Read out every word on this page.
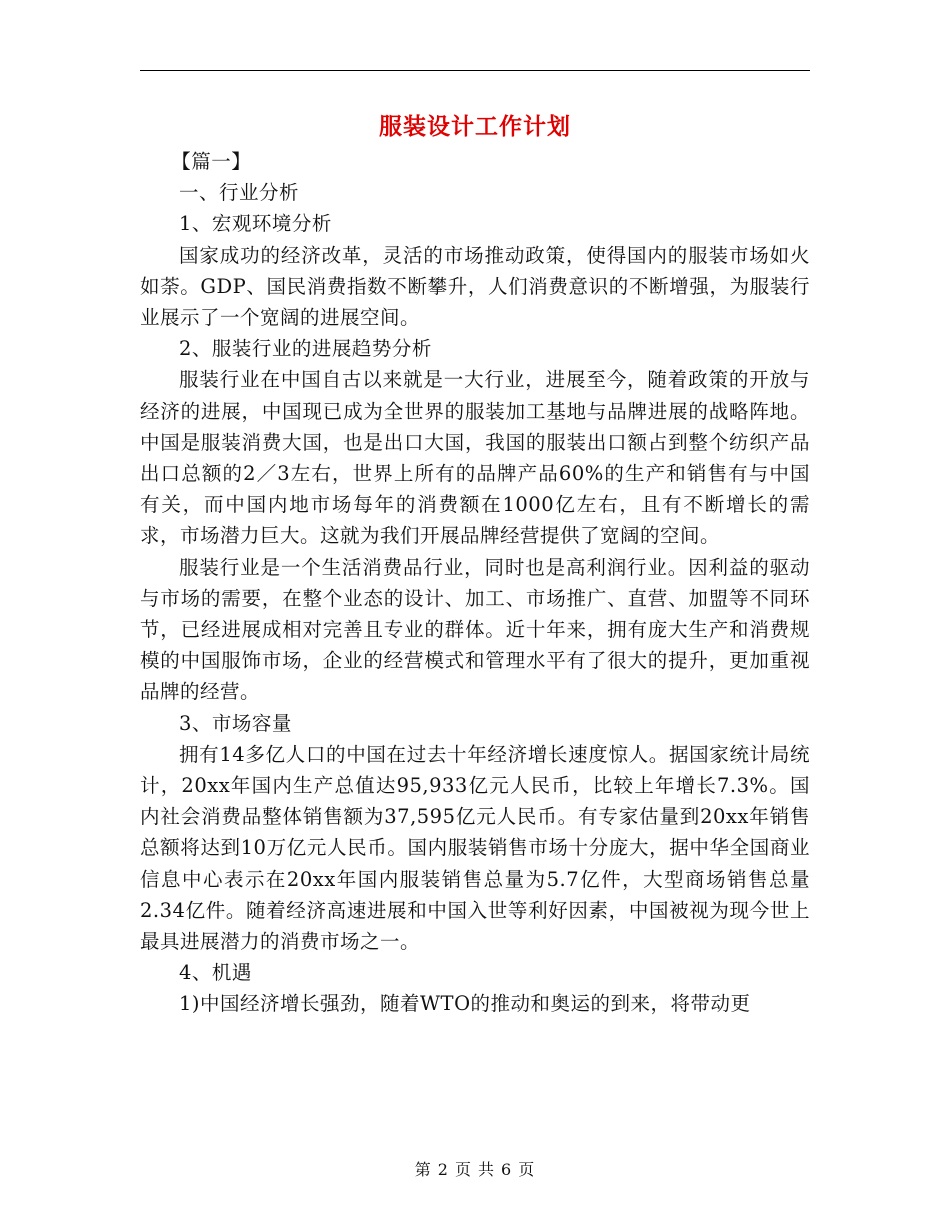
服装设计工作计划

【篇一】

一、行业分析

1、宏观环境分析

国家成功的经济改革，灵活的市场推动政策，使得国内的服装市场如火如荼。GDP、国民消费指数不断攀升，人们消费意识的不断增强，为服装行业展示了一个宽阔的进展空间。

2、服装行业的进展趋势分析

服装行业在中国自古以来就是一大行业，进展至今，随着政策的开放与经济的进展，中国现已成为全世界的服装加工基地与品牌进展的战略阵地。中国是服装消费大国，也是出口大国，我国的服装出口额占到整个纺织产品出口总额的2／3左右，世界上所有的品牌产品60%的生产和销售有与中国有关，而中国内地市场每年的消费额在1000亿左右，且有不断增长的需求，市场潜力巨大。这就为我们开展品牌经营提供了宽阔的空间。

服装行业是一个生活消费品行业，同时也是高利润行业。因利益的驱动与市场的需要，在整个业态的设计、加工、市场推广、直营、加盟等不同环节，已经进展成相对完善且专业的群体。近十年来，拥有庞大生产和消费规模的中国服饰市场，企业的经营模式和管理水平有了很大的提升，更加重视品牌的经营。

3、市场容量

拥有14多亿人口的中国在过去十年经济增长速度惊人。据国家统计局统计，20xx年国内生产总值达95,933亿元人民币，比较上年增长7.3%。国内社会消费品整体销售额为37,595亿元人民币。有专家估量到20xx年销售总额将达到10万亿元人民币。国内服装销售市场十分庞大，据中华全国商业信息中心表示在20xx年国内服装销售总量为5.7亿件，大型商场销售总量2.34亿件。随着经济高速进展和中国入世等利好因素，中国被视为现今世上最具进展潜力的消费市场之一。

4、机遇

1)中国经济增长强劲，随着WTO的推动和奥运的到来，将带动更

第 2 页 共 6 页
